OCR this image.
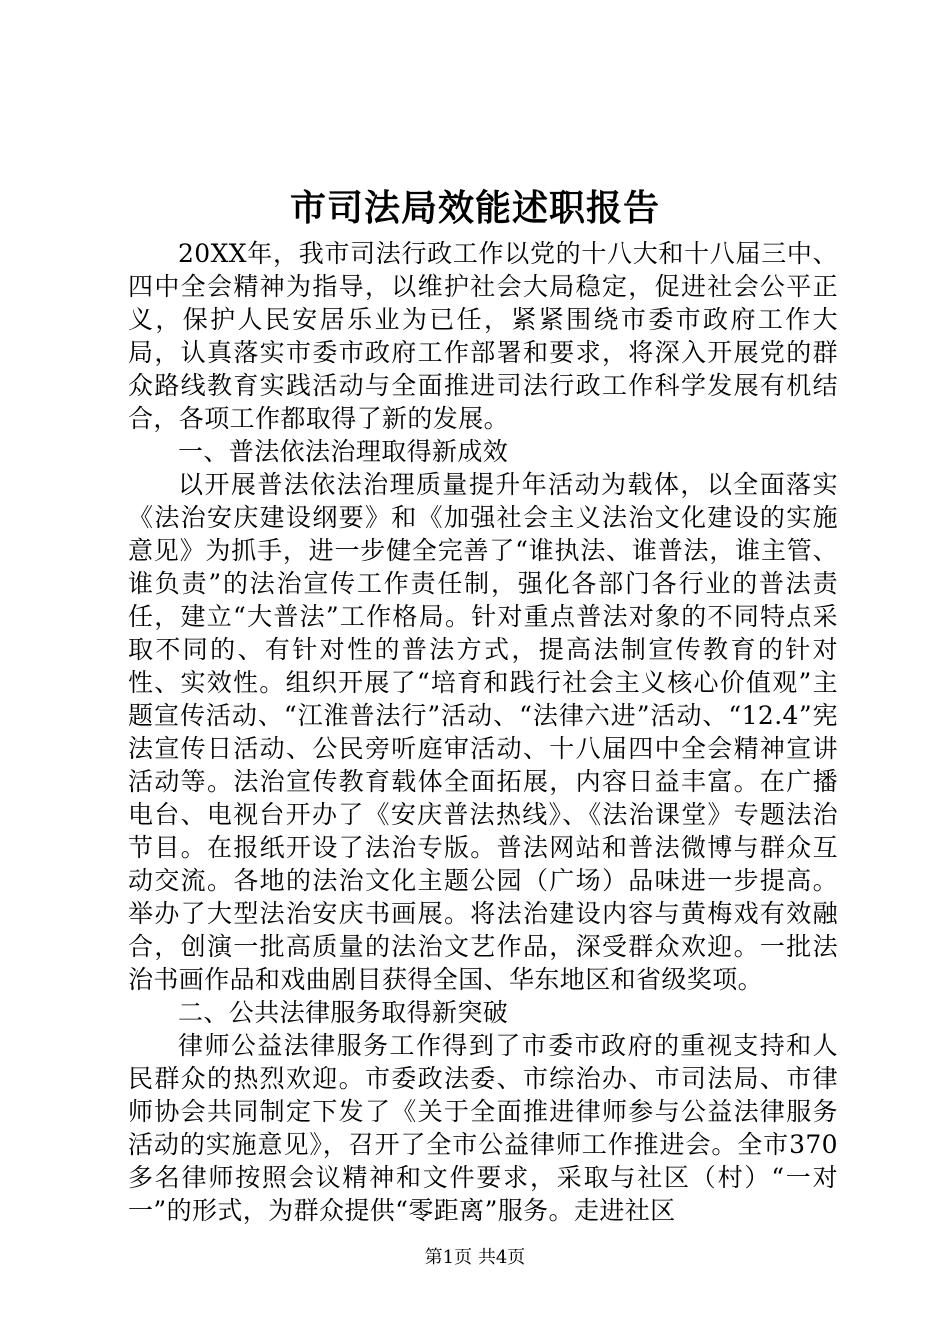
市司法局效能述职报告

20XX年，我市司法行政工作以党的十八大和十八届三中、四中全会精神为指导，以维护社会大局稳定，促进社会公平正义，保护人民安居乐业为已任，紧紧围绕市委市政府工作大局，认真落实市委市政府工作部署和要求，将深入开展党的群众路线教育实践活动与全面推进司法行政工作科学发展有机结合，各项工作都取得了新的发展。

一、普法依法治理取得新成效

以开展普法依法治理质量提升年活动为载体，以全面落实《法治安庆建设纲要》和《加强社会主义法治文化建设的实施意见》为抓手，进一步健全完善了“谁执法、谁普法，谁主管、谁负责”的法治宣传工作责任制，强化各部门各行业的普法责任，建立“大普法”工作格局。针对重点普法对象的不同特点采取不同的、有针对性的普法方式，提高法制宣传教育的针对性、实效性。组织开展了“培育和践行社会主义核心价值观”主题宣传活动、“江淮普法行”活动、“法律六进”活动、“12.4”宪法宣传日活动、公民旁听庭审活动、十八届四中全会精神宣讲活动等。法治宣传教育载体全面拓展，内容日益丰富。在广播电台、电视台开办了《安庆普法热线》、《法治课堂》专题法治节目。在报纸开设了法治专版。普法网站和普法微博与群众互动交流。各地的法治文化主题公园（广场）品味进一步提高。举办了大型法治安庆书画展。将法治建设内容与黄梅戏有效融合，创演一批高质量的法治文艺作品，深受群众欢迎。一批法治书画作品和戏曲剧目获得全国、华东地区和省级奖项。

二、公共法律服务取得新突破

律师公益法律服务工作得到了市委市政府的重视支持和人民群众的热烈欢迎。市委政法委、市综治办、市司法局、市律师协会共同制定下发了《关于全面推进律师参与公益法律服务活动的实施意见》，召开了全市公益律师工作推进会。全市370多名律师按照会议精神和文件要求，采取与社区（村）“一对一”的形式，为群众提供“零距离”服务。走进社区

第1页 共4页
